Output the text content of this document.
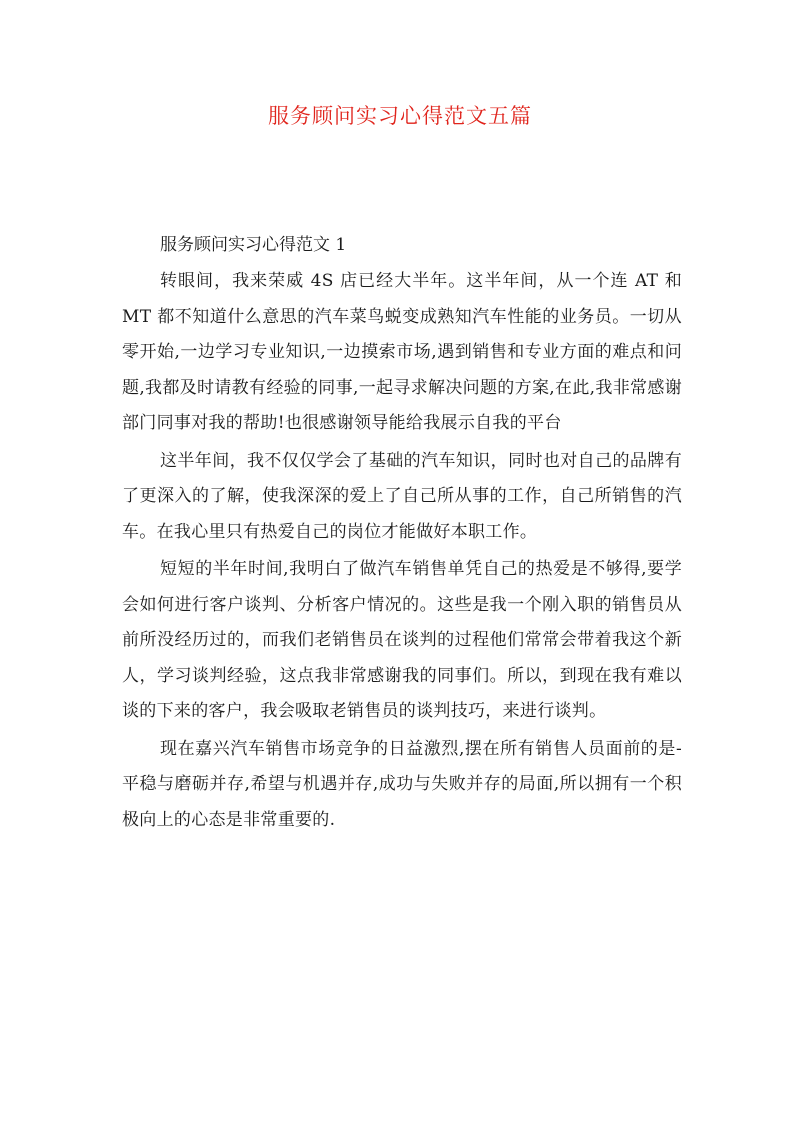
服务顾问实习心得范文五篇
服务顾问实习心得范文 1

转眼间，我来荣威 4S 店已经大半年。这半年间，从一个连 AT 和 MT 都不知道什么意思的汽车菜鸟蜕变成熟知汽车性能的业务员。一切从零开始,一边学习专业知识,一边摸索市场,遇到销售和专业方面的难点和问题,我都及时请教有经验的同事,一起寻求解决问题的方案,在此,我非常感谢部门同事对我的帮助!也很感谢领导能给我展示自我的平台

这半年间，我不仅仅学会了基础的汽车知识，同时也对自己的品牌有了更深入的了解，使我深深的爱上了自己所从事的工作，自己所销售的汽车。在我心里只有热爱自己的岗位才能做好本职工作。

短短的半年时间,我明白了做汽车销售单凭自己的热爱是不够得,要学会如何进行客户谈判、分析客户情况的。这些是我一个刚入职的销售员从前所没经历过的，而我们老销售员在谈判的过程他们常常会带着我这个新人，学习谈判经验，这点我非常感谢我的同事们。所以，到现在我有难以谈的下来的客户，我会吸取老销售员的谈判技巧，来进行谈判。

现在嘉兴汽车销售市场竞争的日益激烈,摆在所有销售人员面前的是-平稳与磨砺并存,希望与机遇并存,成功与失败并存的局面,所以拥有一个积极向上的心态是非常重要的.
